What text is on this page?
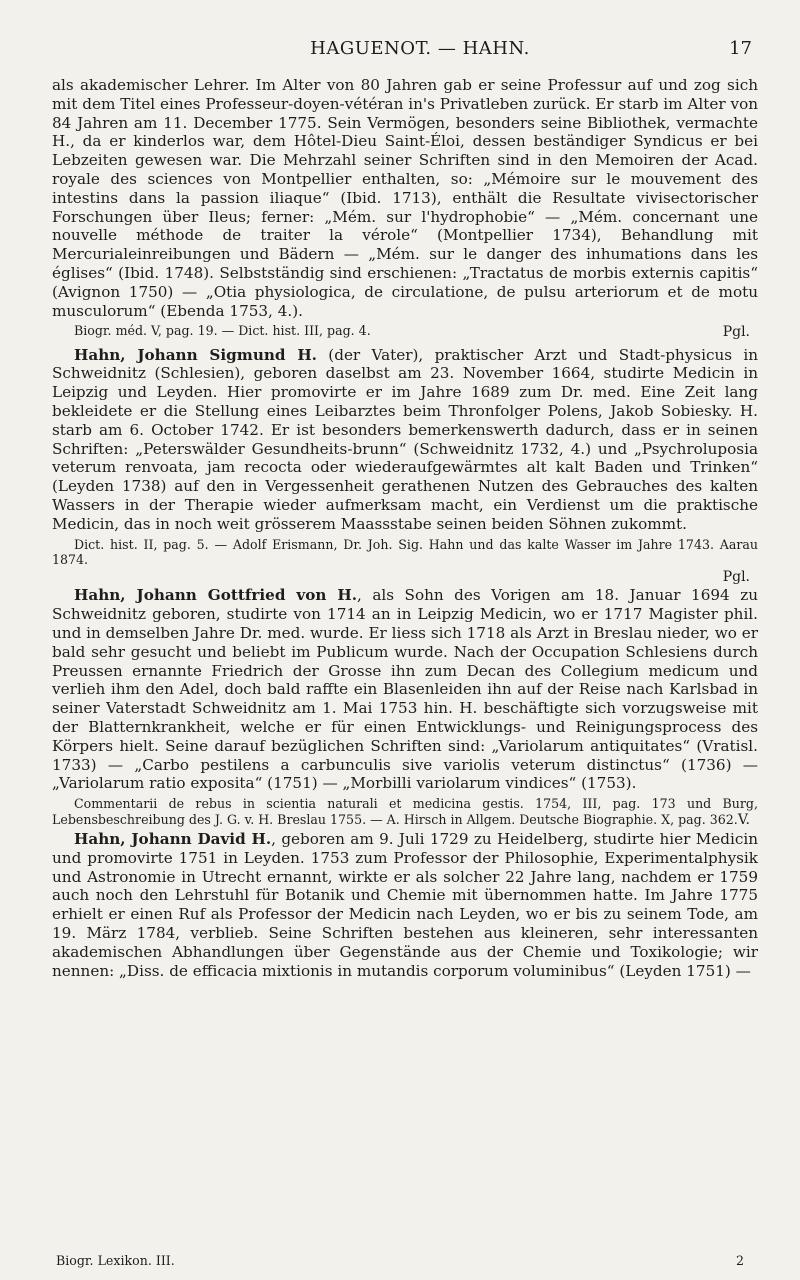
HAGUENOT. — HAHN.	17

als akademischer Lehrer. Im Alter von 80 Jahren gab er seine Professur auf und zog sich mit dem Titel eines Professeur-doyen-vétéran in's Privatleben zurück. Er starb im Alter von 84 Jahren am 11. December 1775. Sein Vermögen, besonders seine Bibliothek, vermachte H., da er kinderlos war, dem Hôtel-Dieu Saint-Éloi, dessen beständiger Syndicus er bei Lebzeiten gewesen war. Die Mehrzahl seiner Schriften sind in den Memoiren der Acad. royale des sciences von Montpellier enthalten, so: „Mémoire sur le mouvement des intestins dans la passion iliaque“ (Ibid. 1713), enthält die Resultate vivisectorischer Forschungen über Ileus; ferner: „Mém. sur l'hydrophobie“ — „Mém. concernant une nouvelle méthode de traiter la vérole“ (Montpellier 1734), Behandlung mit Mercurialeinreibungen und Bädern — „Mém. sur le danger des inhumations dans les églises“ (Ibid. 1748). Selbstständig sind erschienen: „Tractatus de morbis externis capitis“ (Avignon 1750) — „Otia physiologica, de circulatione, de pulsu arteriorum et de motu musculorum“ (Ebenda 1753, 4.).

Biogr. méd. V, pag. 19. — Dict. hist. III, pag. 4.	Pgl.

Hahn, Johann Sigmund H. (der Vater), praktischer Arzt und Stadt-physicus in Schweidnitz (Schlesien), geboren daselbst am 23. November 1664, studirte Medicin in Leipzig und Leyden. Hier promovirte er im Jahre 1689 zum Dr. med. Eine Zeit lang bekleidete er die Stellung eines Leibarztes beim Thronfolger Polens, Jakob Sobiesky. H. starb am 6. October 1742. Er ist besonders bemerkenswerth dadurch, dass er in seinen Schriften: „Peterswälder Gesundheits-brunn“ (Schweidnitz 1732, 4.) und „Psychroluposia veterum renvoata, jam recocta oder wiederaufgewärmtes alt kalt Baden und Trinken“ (Leyden 1738) auf den in Vergessenheit gerathenen Nutzen des Gebrauches des kalten Wassers in der Therapie wieder aufmerksam macht, ein Verdienst um die praktische Medicin, das in noch weit grösserem Maassstabe seinen beiden Söhnen zukommt.

Dict. hist. II, pag. 5. — Adolf Erismann, Dr. Joh. Sig. Hahn und das kalte Wasser im Jahre 1743. Aarau 1874.

Pgl.

Hahn, Johann Gottfried von H., als Sohn des Vorigen am 18. Januar 1694 zu Schweidnitz geboren, studirte von 1714 an in Leipzig Medicin, wo er 1717 Magister phil. und in demselben Jahre Dr. med. wurde. Er liess sich 1718 als Arzt in Breslau nieder, wo er bald sehr gesucht und beliebt im Publicum wurde. Nach der Occupation Schlesiens durch Preussen ernannte Friedrich der Grosse ihn zum Decan des Collegium medicum und verlieh ihm den Adel, doch bald raffte ein Blasenleiden ihn auf der Reise nach Karlsbad in seiner Vaterstadt Schweidnitz am 1. Mai 1753 hin. H. beschäftigte sich vorzugsweise mit der Blatternkrankheit, welche er für einen Entwicklungs- und Reinigungsprocess des Körpers hielt. Seine darauf bezüglichen Schriften sind: „Variolarum antiquitates“ (Vratisl. 1733) — „Carbo pestilens a carbunculis sive variolis veterum distinctus“ (1736) — „Variolarum ratio exposita“ (1751) — „Morbilli variolarum vindices“ (1753).

Commentarii de rebus in scientia naturali et medicina gestis. 1754, III, pag. 173 und Burg, Lebensbeschreibung des J. G. v. H. Breslau 1755. — A. Hirsch in Allgem. Deutsche Biographie. X, pag. 362. V.

Hahn, Johann David H., geboren am 9. Juli 1729 zu Heidelberg, studirte hier Medicin und promovirte 1751 in Leyden. 1753 zum Professor der Philosophie, Experimentalphysik und Astronomie in Utrecht ernannt, wirkte er als solcher 22 Jahre lang, nachdem er 1759 auch noch den Lehrstuhl für Botanik und Chemie mit übernommen hatte. Im Jahre 1775 erhielt er einen Ruf als Professor der Medicin nach Leyden, wo er bis zu seinem Tode, am 19. März 1784, verblieb. Seine Schriften bestehen aus kleineren, sehr interessanten akademischen Abhandlungen über Gegenstände aus der Chemie und Toxikologie; wir nennen: „Diss. de efficacia mixtionis in mutandis corporum voluminibus“ (Leyden 1751) —

Biogr. Lexikon. III.	2
